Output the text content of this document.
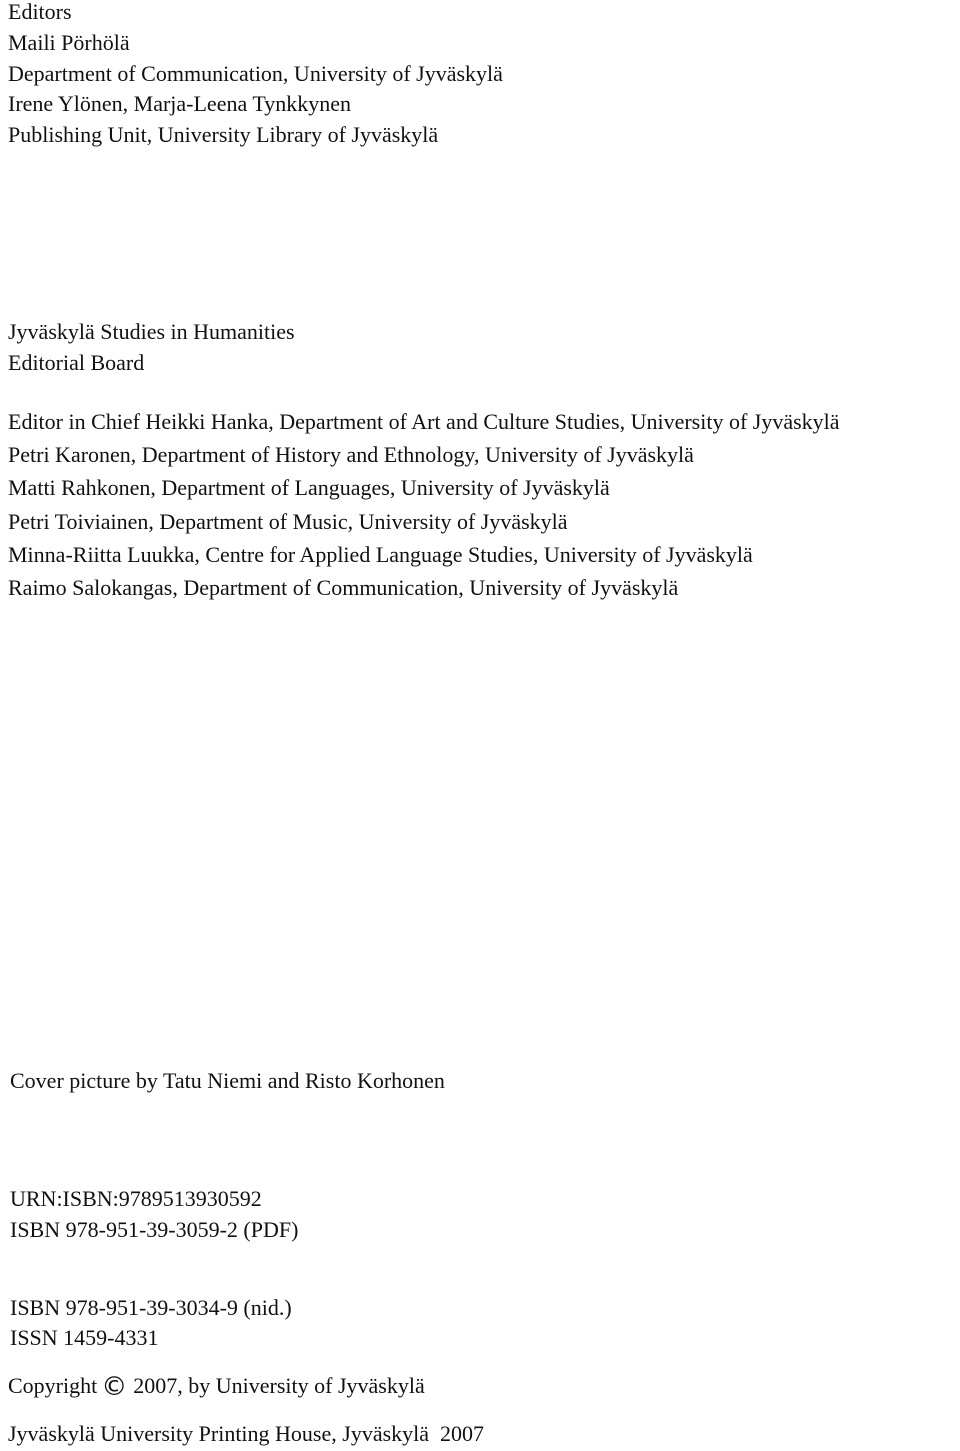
Editors

Maili Pörhölä

Department of Communication, University of Jyväskylä

Irene Ylönen, Marja-Leena Tynkkynen

Publishing Unit, University Library of Jyväskylä

Jyväskylä Studies in Humanities

Editorial Board

Editor in Chief Heikki Hanka, Department of Art and Culture Studies, University of Jyväskylä

Petri Karonen, Department of History and Ethnology, University of Jyväskylä

Matti Rahkonen, Department of Languages, University of Jyväskylä

Petri Toiviainen, Department of Music, University of Jyväskylä

Minna-Riitta Luukka, Centre for Applied Language Studies, University of Jyväskylä

Raimo Salokangas, Department of Communication, University of Jyväskylä

Cover picture by Tatu Niemi and Risto Korhonen

URN:ISBN:9789513930592

ISBN 978-951-39-3059-2 (PDF)

ISBN 978-951-39-3034-9 (nid.)

ISSN 1459-4331

Copyright © 2007, by University of Jyväskylä

Jyväskylä University Printing House, Jyväskylä 2007
